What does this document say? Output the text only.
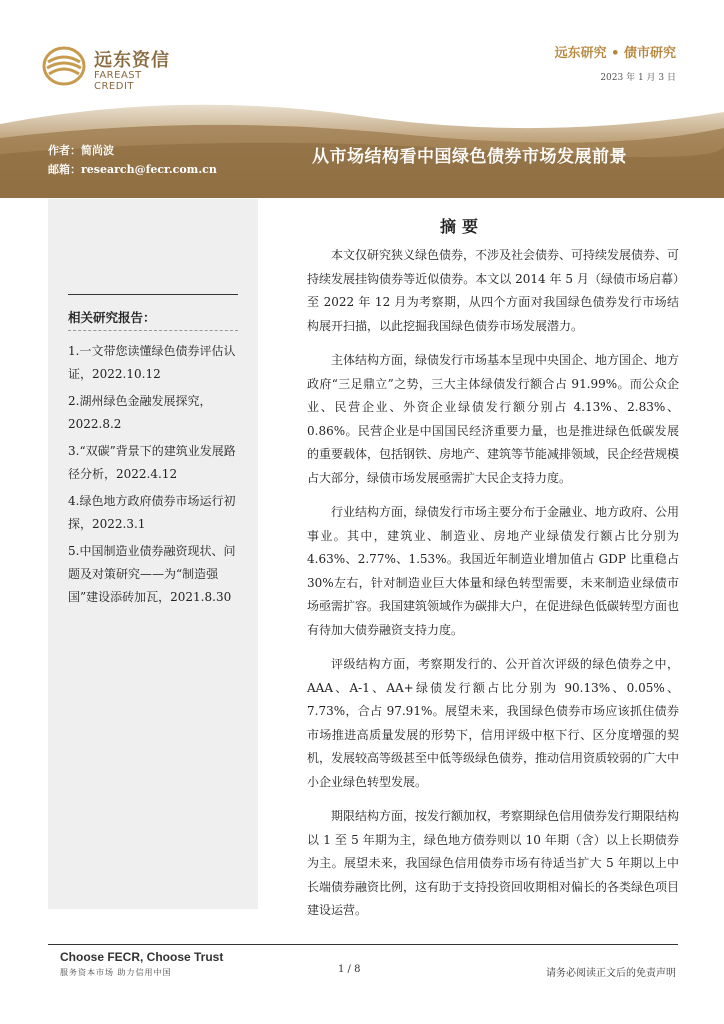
远东资信
FAREAST CREDIT
远东研究 • 债市研究
2023 年 1 月 3 日
作者：简尚波
邮箱：research@fecr.com.cn
从市场结构看中国绿色债券市场发展前景
相关研究报告：
1.一文带您读懂绿色债券评估认证，2022.10.12
2.湖州绿色金融发展探究，2022.8.2
3.“双碳”背景下的建筑业发展路径分析，2022.4.12
4.绿色地方政府债券市场运行初探，2022.3.1
5.中国制造业债券融资现状、问题及对策研究——为“制造强国”建设添砖加瓦，2021.8.30
摘要

本文仅研究狭义绿色债券，不涉及社会债券、可持续发展债券、可持续发展挂钩债券等近似债券。本文以 2014 年 5 月（绿债市场启幕）至 2022 年 12 月为考察期，从四个方面对我国绿色债券发行市场结构展开扫描，以此挖掘我国绿色债券市场发展潜力。

主体结构方面，绿债发行市场基本呈现中央国企、地方国企、地方政府“三足鼎立”之势，三大主体绿债发行额合占 91.99%。而公众企业、民营企业、外资企业绿债发行额分别占 4.13%、2.83%、0.86%。民营企业是中国国民经济重要力量，也是推进绿色低碳发展的重要载体，包括钢铁、房地产、建筑等节能减排领域，民企经营规模占大部分，绿债市场发展亟需扩大民企支持力度。

行业结构方面，绿债发行市场主要分布于金融业、地方政府、公用事业。其中，建筑业、制造业、房地产业绿债发行额占比分别为 4.63%、2.77%、1.53%。我国近年制造业增加值占 GDP 比重稳占 30%左右，针对制造业巨大体量和绿色转型需要，未来制造业绿债市场亟需扩容。我国建筑领域作为碳排大户，在促进绿色低碳转型方面也有待加大债券融资支持力度。

评级结构方面，考察期发行的、公开首次评级的绿色债券之中，AAA、A-1、AA+绿债发行额占比分别为 90.13%、0.05%、7.73%，合占 97.91%。展望未来，我国绿色债券市场应该抓住债券市场推进高质量发展的形势下，信用评级中枢下行、区分度增强的契机，发展较高等级甚至中低等级绿色债券，推动信用资质较弱的广大中小企业绿色转型发展。

期限结构方面，按发行额加权，考察期绿色信用债券发行期限结构以 1 至 5 年期为主，绿色地方债券则以 10 年期（含）以上长期债券为主。展望未来，我国绿色信用债券市场有待适当扩大 5 年期以上中长端债券融资比例，这有助于支持投资回收期相对偏长的各类绿色项目建设运营。

Choose FECR, Choose Trust
服务资本市场 助力信用中国	1 / 8	请务必阅读正文后的免责声明
